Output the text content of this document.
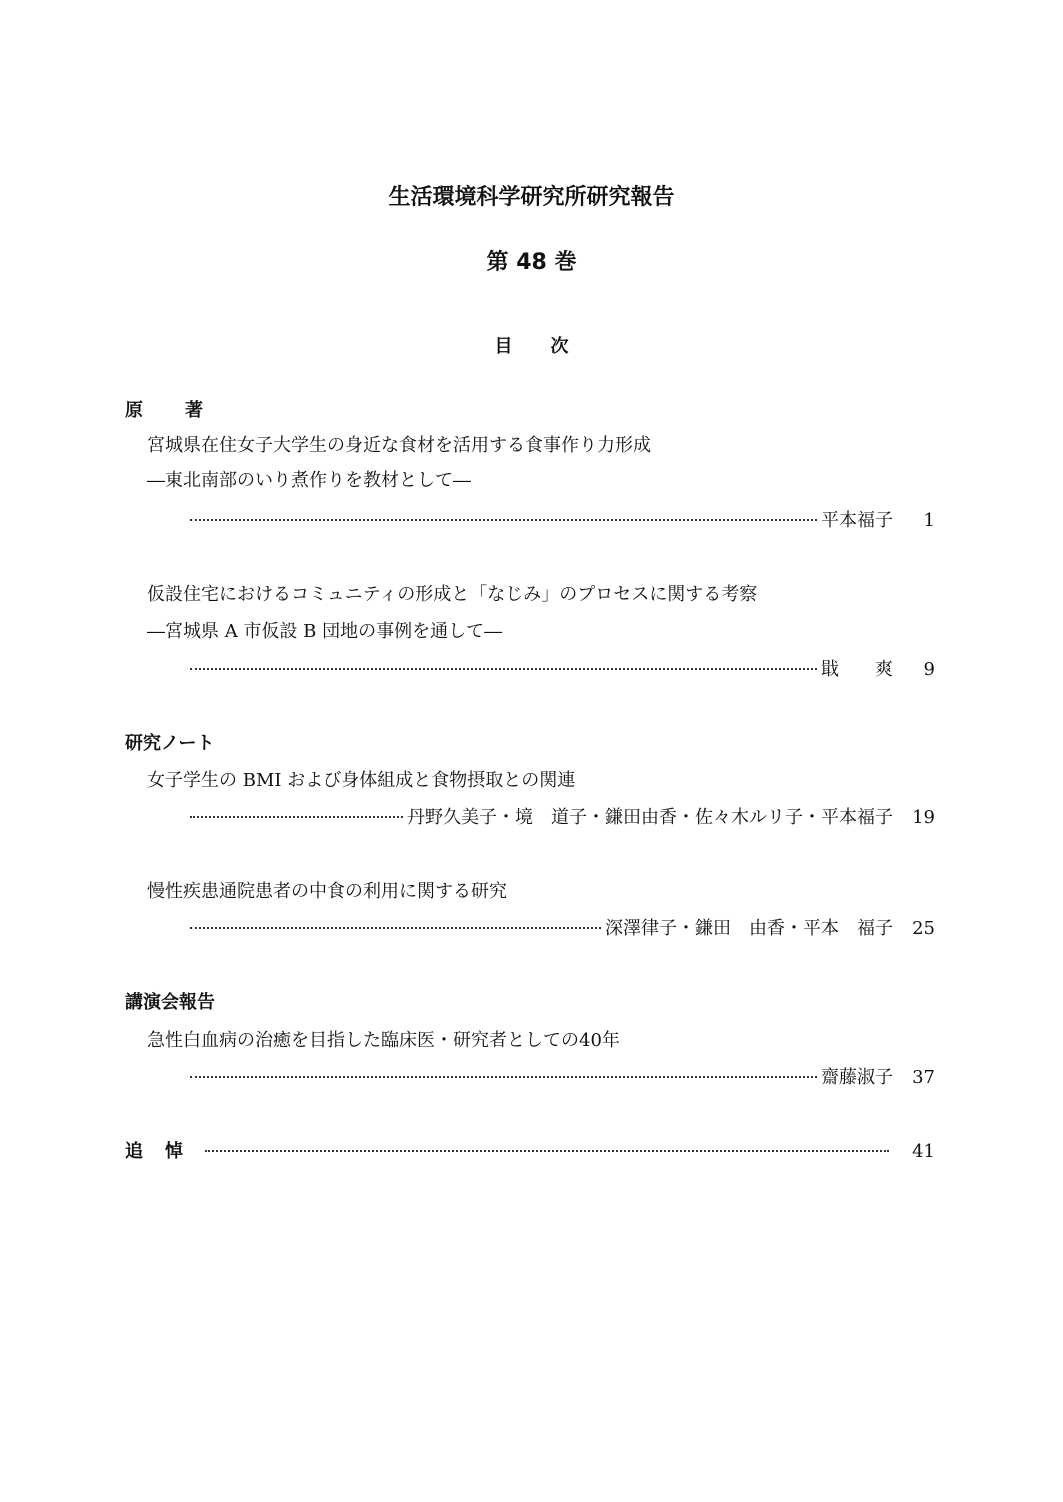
生活環境科学研究所研究報告
第 48 巻
目次
原著
宮城県在住女子大学生の身近な食材を活用する食事作り力形成
―東北南部のいり煮作りを教材として―
平本福子	1
仮設住宅におけるコミュニティの形成と「なじみ」のプロセスに関する考察
―宮城県 A 市仮設 B 団地の事例を通して―
戢　　爽	9
研究ノート
女子学生の BMI および身体組成と食物摂取との関連
丹野久美子・境　道子・鎌田由香・佐々木ルリ子・平本福子	19
慢性疾患通院患者の中食の利用に関する研究
深澤律子・鎌田　由香・平本　福子	25
講演会報告
急性白血病の治癒を目指した臨床医・研究者としての40年
齋藤淑子	37
追悼	41
